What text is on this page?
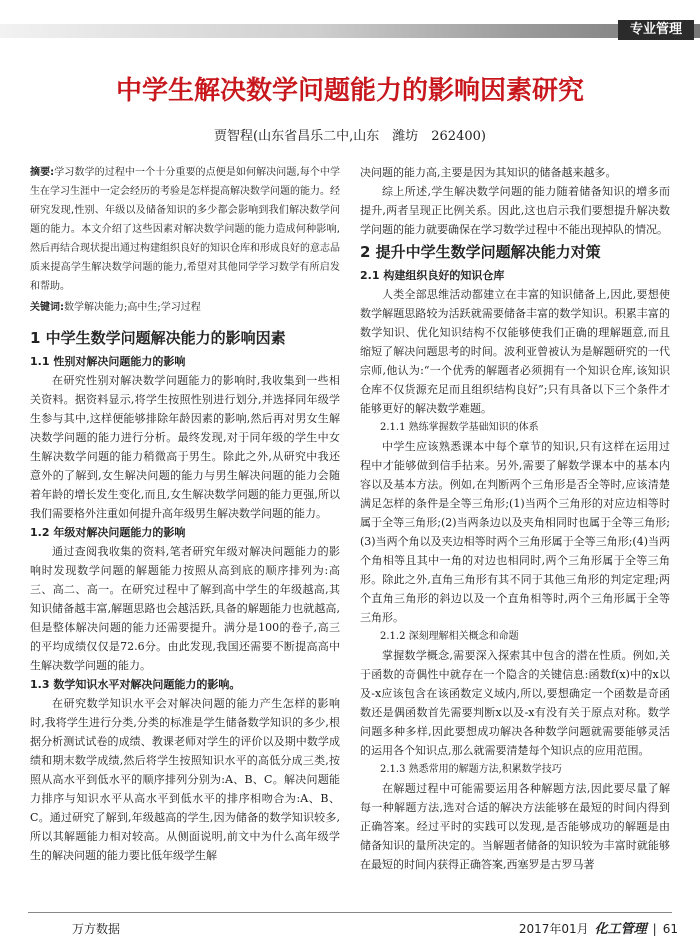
专业管理
中学生解决数学问题能力的影响因素研究
贾智程(山东省昌乐二中,山东　潍坊　262400)
摘要:学习数学的过程中一个十分重要的点便是如何解决问题,每个中学生在学习生涯中一定会经历的考验是怎样提高解决数学问题的能力。经研究发现,性别、年级以及储备知识的多少都会影响到我们解决数学问题的能力。本文介绍了这些因素对解决数学问题的能力造成何种影响,然后再结合现状提出通过构建组织良好的知识仓库和形成良好的意志品质来提高学生解决数学问题的能力,希望对其他同学学习数学有所启发和帮助。
关键词:数学解决能力;高中生;学习过程
1 中学生数学问题解决能力的影响因素
1.1 性别对解决问题能力的影响

在研究性别对解决数学问题能力的影响时,我收集到一些相关资料。据资料显示,将学生按照性别进行划分,并选择同年级学生参与其中,这样便能够排除年龄因素的影响,然后再对男女生解决数学问题的能力进行分析。最终发现,对于同年级的学生中女生解决数学问题的能力稍微高于男生。除此之外,从研究中我还意外的了解到,女生解决问题的能力与男生解决问题的能力会随着年龄的增长发生变化,而且,女生解决数学问题的能力更强,所以我们需要格外注重如何提升高年级男生解决数学问题的能力。

1.2 年级对解决问题能力的影响

通过查阅我收集的资料,笔者研究年级对解决问题能力的影响时发现数学问题的解题能力按照从高到底的顺序排列为:高三、高二、高一。在研究过程中了解到高中学生的年级越高,其知识储备越丰富,解题思路也会越活跃,具备的解题能力也就越高,但是整体解决问题的能力还需要提升。满分是100的卷子,高三的平均成绩仅仅是72.6分。由此发现,我国还需要不断提高高中生解决数学问题的能力。

1.3 数学知识水平对解决问题能力的影响。

在研究数学知识水平会对解决问题的能力产生怎样的影响时,我将学生进行分类,分类的标准是学生储备数学知识的多少,根据分析测试试卷的成绩、教课老师对学生的评价以及期中数学成绩和期末数学成绩,然后将学生按照知识水平的高低分成三类,按照从高水平到低水平的顺序排列分别为:A、B、C。解决问题能力排序与知识水平从高水平到低水平的排序相吻合为:A、B、C。通过研究了解到,年级越高的学生,因为储备的数学知识较多,所以其解题能力相对较高。从侧面说明,前文中为什么高年级学生的解决问题的能力要比低年级学生解

决问题的能力高,主要是因为其知识的储备越来越多。

综上所述,学生解决数学问题的能力随着储备知识的增多而提升,两者呈现正比例关系。因此,这也启示我们要想提升解决数学问题的能力就要确保在学习数学过程中不能出现掉队的情况。

2 提升中学生数学问题解决能力对策
2.1 构建组织良好的知识仓库

人类全部思维活动都建立在丰富的知识储备上,因此,要想使数学解题思路较为活跃就需要储备丰富的数学知识。积累丰富的数学知识、优化知识结构不仅能够使我们正确的理解题意,而且缩短了解决问题思考的时间。波利亚曾被认为是解题研究的一代宗师,他认为:“一个优秀的解题者必须拥有一个知识仓库,该知识仓库不仅货源充足而且组织结构良好”;只有具备以下三个条件才能够更好的解决数学难题。

2.1.1 熟练掌握数学基础知识的体系

中学生应该熟悉课本中每个章节的知识,只有这样在运用过程中才能够做到信手拈来。另外,需要了解数学课本中的基本内容以及基本方法。例如,在判断两个三角形是否全等时,应该清楚满足怎样的条件是全等三角形;(1)当两个三角形的对应边相等时属于全等三角形;(2)当两条边以及夹角相同时也属于全等三角形;(3)当两个角以及夹边相等时两个三角形属于全等三角形;(4)当两个角相等且其中一角的对边也相同时,两个三角形属于全等三角形。除此之外,直角三角形有其不同于其他三角形的判定定理;两个直角三角形的斜边以及一个直角相等时,两个三角形属于全等三角形。

2.1.2 深刻理解相关概念和命题

掌握数学概念,需要深入探索其中包含的潜在性质。例如,关于函数的奇偶性中就存在一个隐含的关键信息:函数f(x)中的x以及-x应该包含在该函数定义域内,所以,要想确定一个函数是奇函数还是偶函数首先需要判断x以及-x有没有关于原点对称。数学问题多种多样,因此要想成功解决各种数学问题就需要能够灵活的运用各个知识点,那么就需要清楚每个知识点的应用范围。

2.1.3 熟悉常用的解题方法,积累数学技巧

在解题过程中可能需要运用各种解题方法,因此要尽量了解每一种解题方法,选对合适的解决方法能够在最短的时间内得到正确答案。经过平时的实践可以发现,是否能够成功的解题是由储备知识的量所决定的。当解题者储备的知识较为丰富时就能够在最短的时间内获得正确答案,西塞罗是古罗马著

万方数据	2017年01月 化工管理 | 61
